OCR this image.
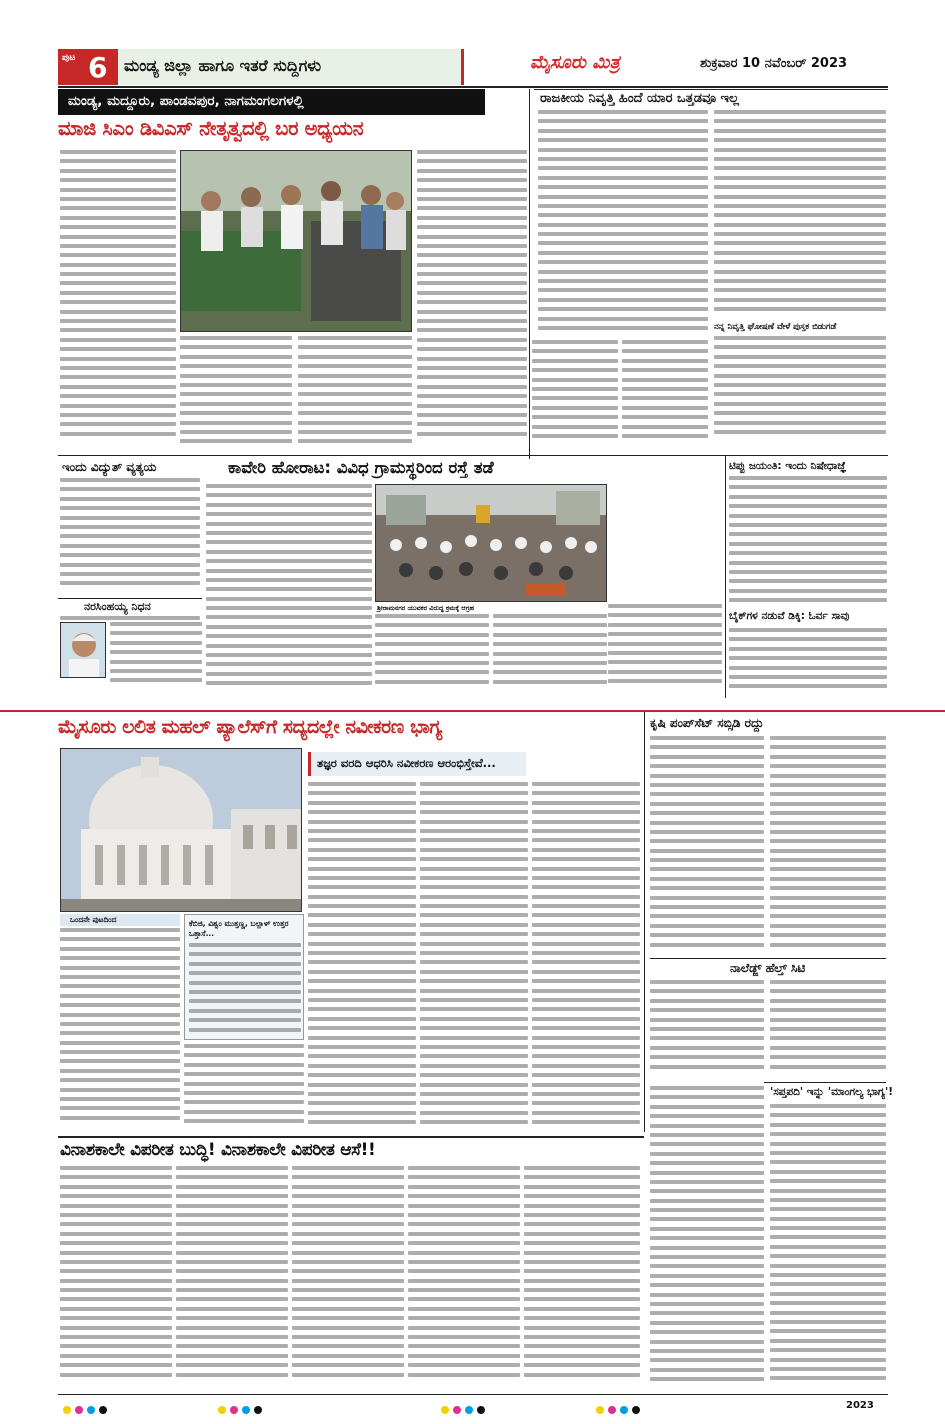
ಪುಟ 6 ಮಂಡ್ಯ ಜಿಲ್ಲಾ ಹಾಗೂ ಇತರೆ ಸುದ್ದಿಗಳು	ಮೈಸೂರು ಮಿತ್ರ	ಶುಕ್ರವಾರ 10 ನವೆಂಬರ್ 2023
ಮಂಡ್ಯ, ಮದ್ದೂರು, ಪಾಂಡವಪುರ, ನಾಗಮಂಗಲಗಳಲ್ಲಿ
ಮಾಜಿ ಸಿಎಂ ಡಿವಿಎಸ್ ನೇತೃತ್ವದಲ್ಲಿ ಬರ ಅಧ್ಯಯನ
ರಾಜಕೀಯ ನಿವೃತ್ತಿ ಹಿಂದೆ ಯಾರ ಒತ್ತಡವೂ ಇಲ್ಲ
ನನ್ನ ನಿವೃತ್ತಿ ಘೋಷಣೆ ವೇಳೆ ಪುಸ್ತಕ ಬಿಡುಗಡೆ
ಇಂದು ವಿದ್ಯುತ್ ವ್ಯತ್ಯಯ
ನರಸಿಂಹಯ್ಯ ನಿಧನ
ಕಾವೇರಿ ಹೋರಾಟ: ವಿವಿಧ ಗ್ರಾಮಸ್ಥರಿಂದ ರಸ್ತೆ ತಡೆ
ಶ್ರೀರಾಮನಗರ ಯುವಕರ ವಿರುದ್ಧ ಕ್ರಮಕ್ಕೆ ಆಗ್ರಹ
ಟಿಪ್ಪು ಜಯಂತಿ: ಇಂದು ನಿಷೇಧಾಜ್ಞೆ
ಬೈಕ್‌ಗಳ ನಡುವೆ ಡಿಕ್ಕಿ: ಓರ್ವ ಸಾವು
ಮೈಸೂರು ಲಲಿತ ಮಹಲ್ ಪ್ಯಾಲೆಸ್‌ಗೆ ಸದ್ಯದಲ್ಲೇ ನವೀಕರಣ ಭಾಗ್ಯ
ಒಂದನೇ ಪುಟದಿಂದ	ಕೆಬಿಜಿ, ವಿಶ್ವಂ ಮುತ್ತಣ್ಣ, ಬಲ್ಲಾಳ್ ಉತ್ತರ ಒತ್ತಾಸೆ...
ತಜ್ಞರ ವರದಿ ಆಧರಿಸಿ ನವೀಕರಣ ಆರಂಭಿಸ್ತೇವೆ...
ಕೃಷಿ ಪಂಪ್‌ಸೆಟ್ ಸಬ್ಸಿಡಿ ರದ್ದು
ನಾಲೆಡ್ಜ್ ಹೆಲ್ತ್ ಸಿಟಿ
'ಸಪ್ತಪದಿ' ಇನ್ನು 'ಮಾಂಗಲ್ಯ ಭಾಗ್ಯ'!
ವಿನಾಶಕಾಲೇ ವಿಪರೀತ ಬುದ್ಧಿ! ವಿನಾಶಕಾಲೇ ವಿಪರೀತ ಆಸೆ!!
2023
